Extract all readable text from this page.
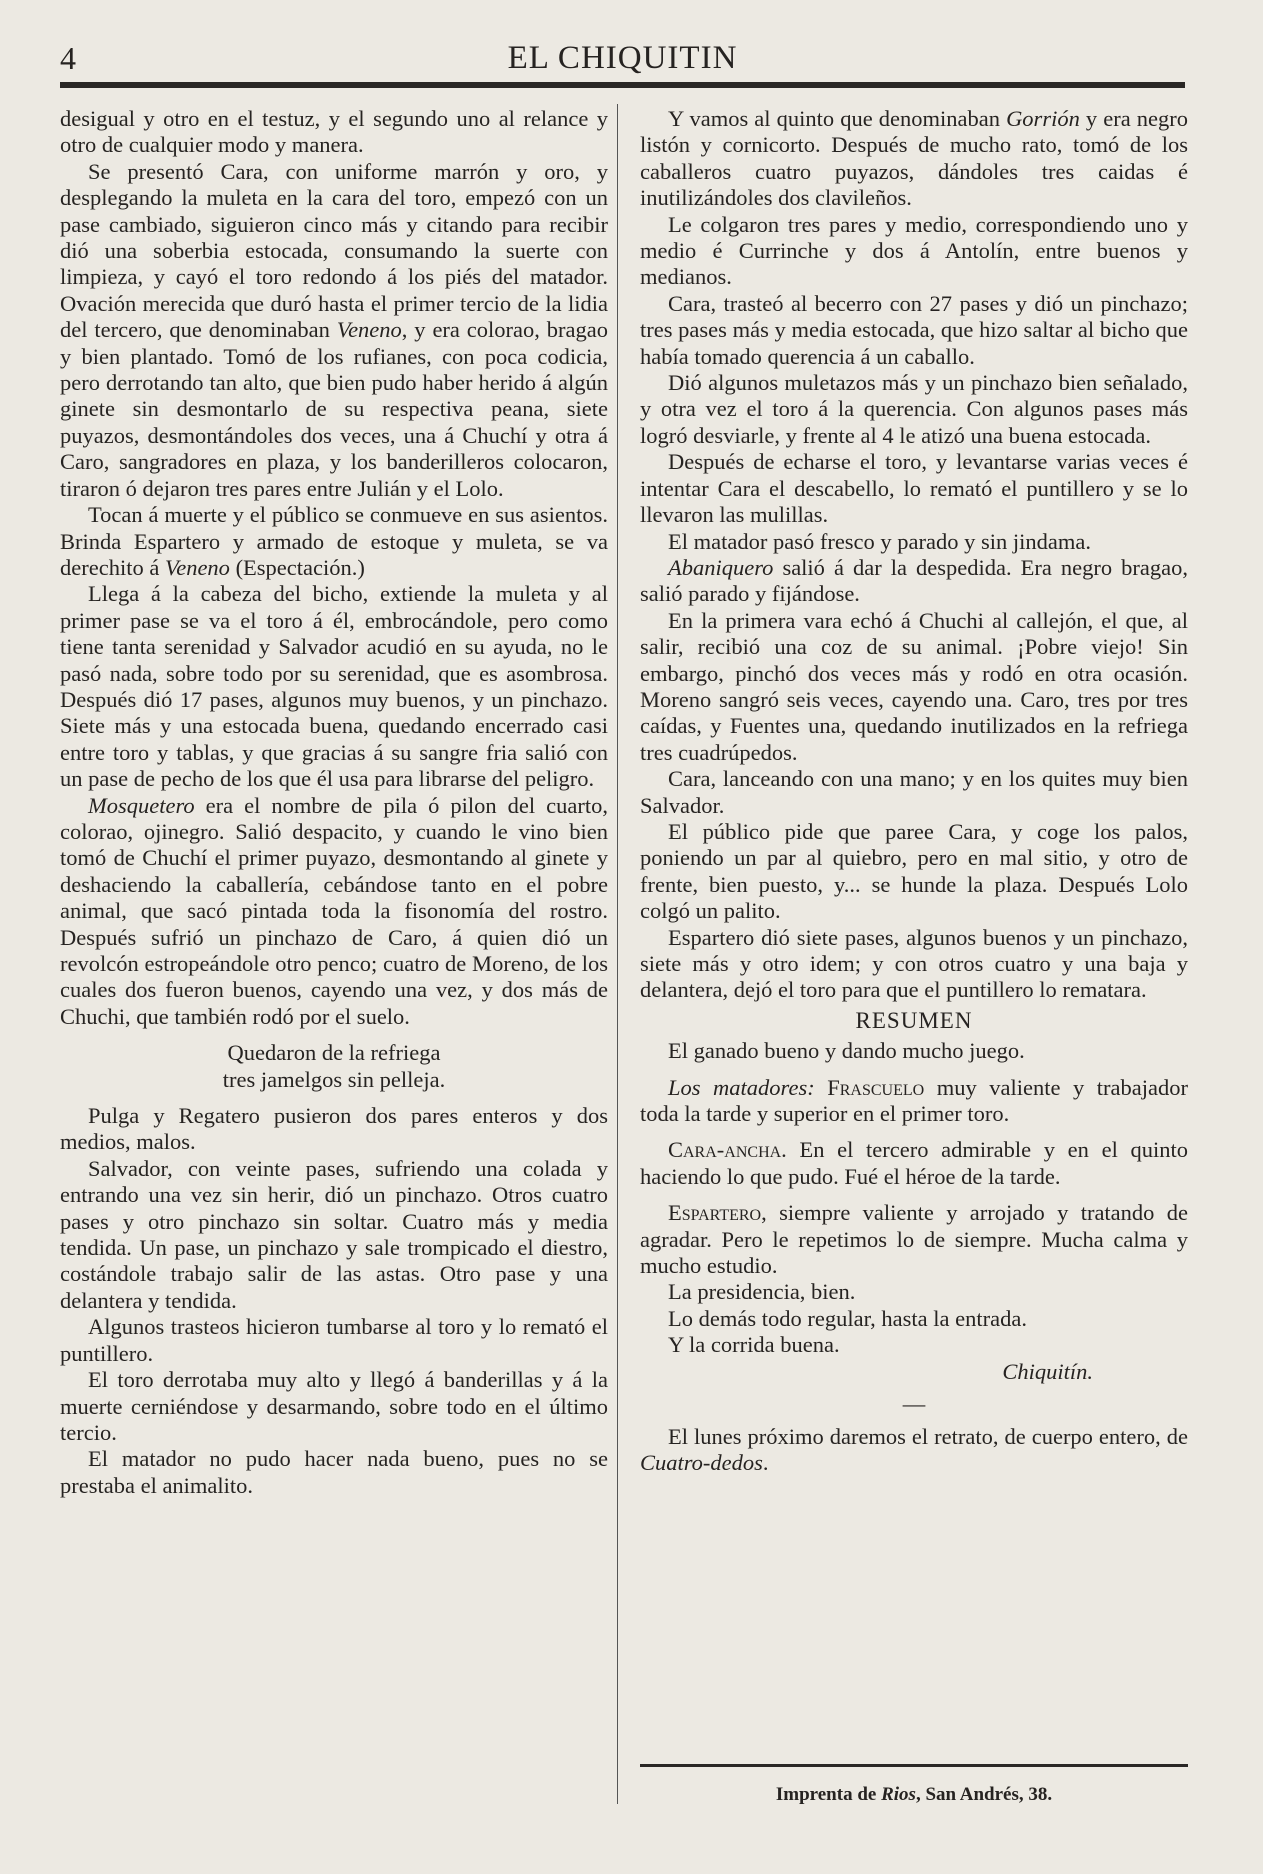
4	EL CHIQUITIN

desigual y otro en el testuz, y el segundo uno al relance y otro de cualquier modo y manera.

Se presentó Cara, con uniforme marrón y oro, y desplegando la muleta en la cara del toro, empezó con un pase cambiado, siguieron cinco más y citando para recibir dió una soberbia estocada, consumando la suerte con limpieza, y cayó el toro redondo á los piés del matador. Ovación merecida que duró hasta el primer tercio de la lidia del tercero, que denominaban Veneno, y era colorao, bragao y bien plantado. Tomó de los rufianes, con poca codicia, pero derrotando tan alto, que bien pudo haber herido á algún ginete sin desmontarlo de su respectiva peana, siete puyazos, desmontándoles dos veces, una á Chuchí y otra á Caro, sangradores en plaza, y los banderilleros colocaron, tiraron ó dejaron tres pares entre Julián y el Lolo.

Tocan á muerte y el público se conmueve en sus asientos. Brinda Espartero y armado de estoque y muleta, se va derechito á Veneno (Espectación.)

Llega á la cabeza del bicho, extiende la muleta y al primer pase se va el toro á él, embrocándole, pero como tiene tanta serenidad y Salvador acudió en su ayuda, no le pasó nada, sobre todo por su serenidad, que es asombrosa. Después dió 17 pases, algunos muy buenos, y un pinchazo. Siete más y una estocada buena, quedando encerrado casi entre toro y tablas, y que gracias á su sangre fria salió con un pase de pecho de los que él usa para librarse del peligro.

Mosquetero era el nombre de pila ó pilon del cuarto, colorao, ojinegro. Salió despacito, y cuando le vino bien tomó de Chuchí el primer puyazo, desmontando al ginete y deshaciendo la caballería, cebándose tanto en el pobre animal, que sacó pintada toda la fisonomía del rostro. Después sufrió un pinchazo de Caro, á quien dió un revolcón estropeándole otro penco; cuatro de Moreno, de los cuales dos fueron buenos, cayendo una vez, y dos más de Chuchi, que también rodó por el suelo.

Quedaron de la refriega

tres jamelgos sin pelleja.

Pulga y Regatero pusieron dos pares enteros y dos medios, malos.

Salvador, con veinte pases, sufriendo una colada y entrando una vez sin herir, dió un pinchazo. Otros cuatro pases y otro pinchazo sin soltar. Cuatro más y media tendida. Un pase, un pinchazo y sale trompicado el diestro, costándole trabajo salir de las astas. Otro pase y una delantera y tendida.

Algunos trasteos hicieron tumbarse al toro y lo remató el puntillero.

El toro derrotaba muy alto y llegó á banderillas y á la muerte cerniéndose y desarmando, sobre todo en el último tercio.

El matador no pudo hacer nada bueno, pues no se prestaba el animalito.

Y vamos al quinto que denominaban Gorrión y era negro listón y cornicorto. Después de mucho rato, tomó de los caballeros cuatro puyazos, dándoles tres caidas é inutilizándoles dos clavileños.

Le colgaron tres pares y medio, correspondiendo uno y medio é Currinche y dos á Antolín, entre buenos y medianos.

Cara, trasteó al becerro con 27 pases y dió un pinchazo; tres pases más y media estocada, que hizo saltar al bicho que había tomado querencia á un caballo.

Dió algunos muletazos más y un pinchazo bien señalado, y otra vez el toro á la querencia. Con algunos pases más logró desviarle, y frente al 4 le atizó una buena estocada.

Después de echarse el toro, y levantarse varias veces é intentar Cara el descabello, lo remató el puntillero y se lo llevaron las mulillas.

El matador pasó fresco y parado y sin jindama.

Abaniquero salió á dar la despedida. Era negro bragao, salió parado y fijándose.

En la primera vara echó á Chuchi al callejón, el que, al salir, recibió una coz de su animal. ¡Pobre viejo! Sin embargo, pinchó dos veces más y rodó en otra ocasión. Moreno sangró seis veces, cayendo una. Caro, tres por tres caídas, y Fuentes una, quedando inutilizados en la refriega tres cuadrúpedos.

Cara, lanceando con una mano; y en los quites muy bien Salvador.

El público pide que paree Cara, y coge los palos, poniendo un par al quiebro, pero en mal sitio, y otro de frente, bien puesto, y... se hunde la plaza. Después Lolo colgó un palito.

Espartero dió siete pases, algunos buenos y un pinchazo, siete más y otro idem; y con otros cuatro y una baja y delantera, dejó el toro para que el puntillero lo rematara.

RESUMEN

El ganado bueno y dando mucho juego.

Los matadores: Frascuelo muy valiente y trabajador toda la tarde y superior en el primer toro.

Cara-ancha. En el tercero admirable y en el quinto haciendo lo que pudo. Fué el héroe de la tarde.

Espartero, siempre valiente y arrojado y tratando de agradar. Pero le repetimos lo de siempre. Mucha calma y mucho estudio.

La presidencia, bien.

Lo demás todo regular, hasta la entrada.

Y la corrida buena.

Chiquitín.

—

El lunes próximo daremos el retrato, de cuerpo entero, de Cuatro-dedos.

Imprenta de Rios, San Andrés, 38.
